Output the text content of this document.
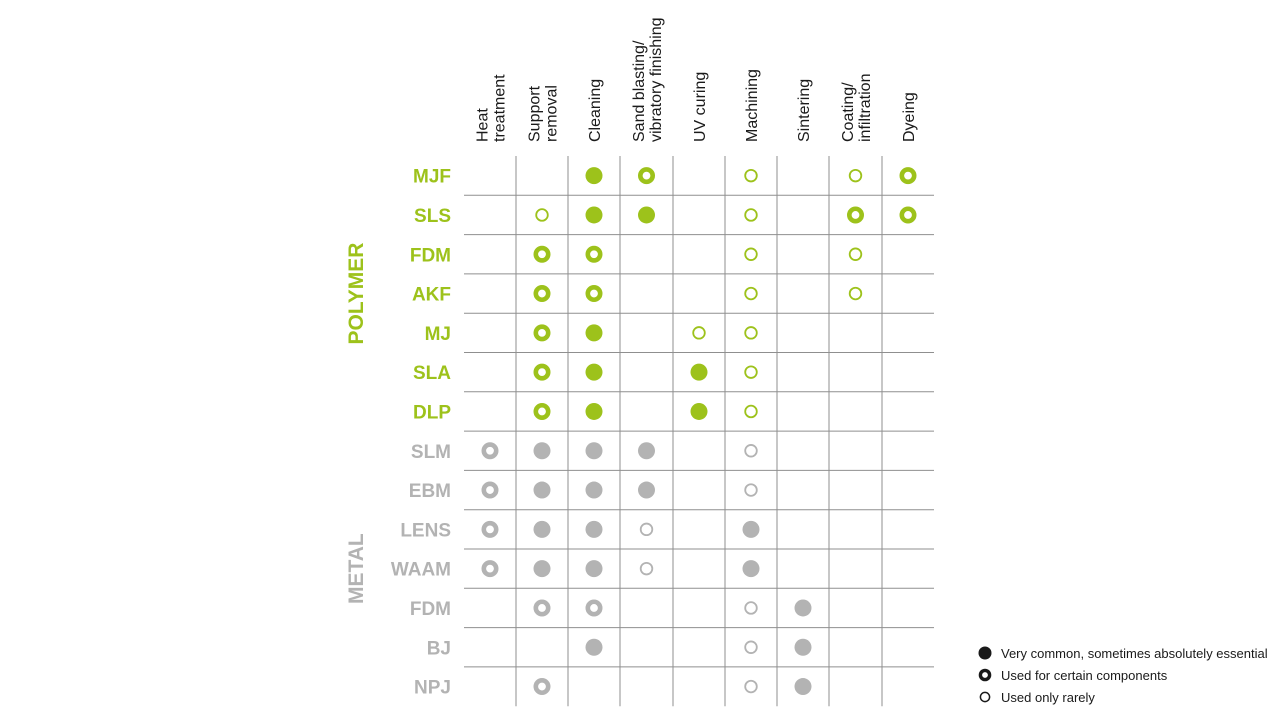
Heat treatment Support removal Cleaning Sand blasting/ vibratory finishing UV curing Machining Sintering Coating/ infiltration Dyeing
MJF
SLS
FDM
AKF
MJ
SLA
DLP
SLM
EBM
LENS
WAAM
FDM
BJ
NPJ
POLYMER
METAL
Very common, sometimes absolutely essential
Used for certain components
Used only rarely
